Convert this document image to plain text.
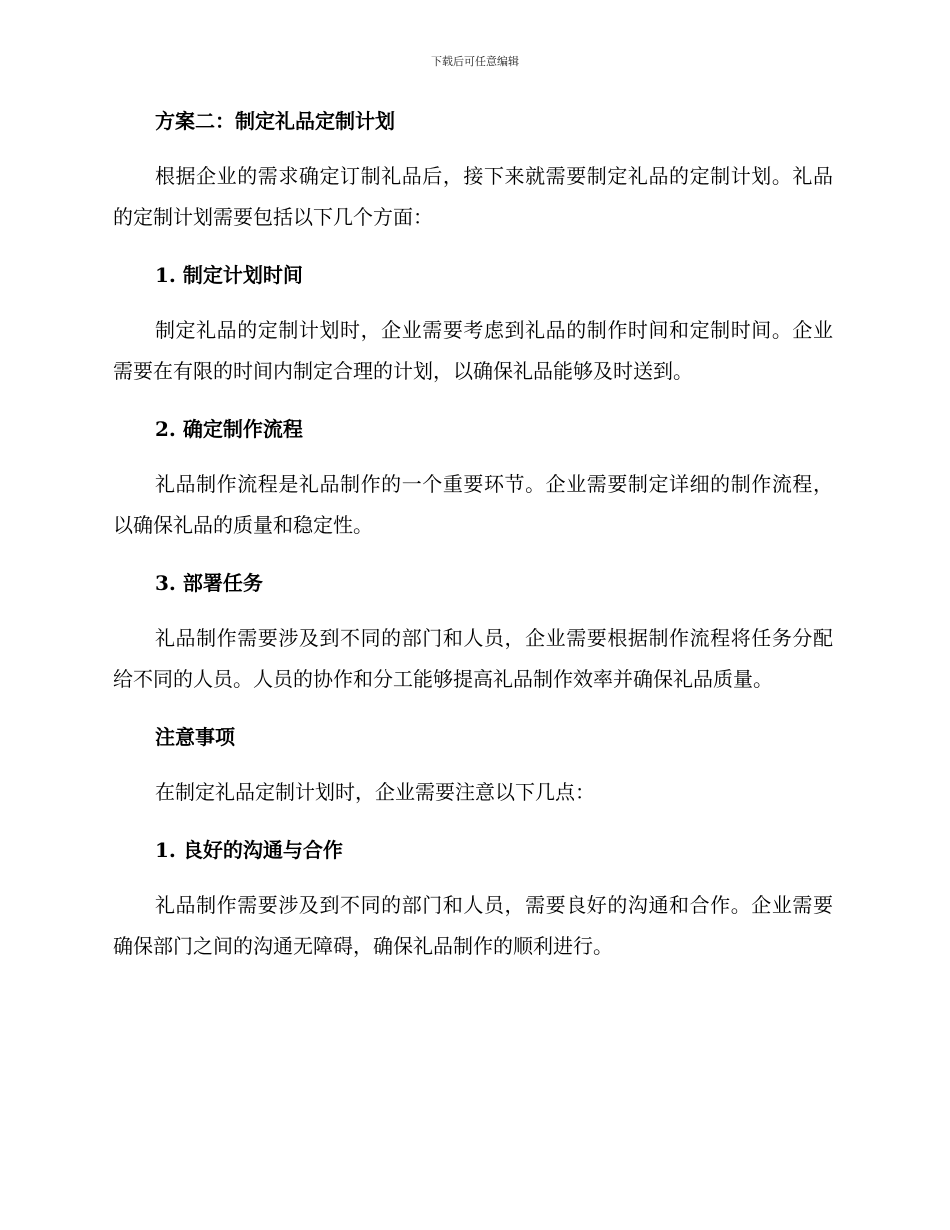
下载后可任意编辑
方案二：制定礼品定制计划
根据企业的需求确定订制礼品后，接下来就需要制定礼品的定制计划。礼品的定制计划需要包括以下几个方面：
1. 制定计划时间
制定礼品的定制计划时，企业需要考虑到礼品的制作时间和定制时间。企业需要在有限的时间内制定合理的计划，以确保礼品能够及时送到。
2. 确定制作流程
礼品制作流程是礼品制作的一个重要环节。企业需要制定详细的制作流程，以确保礼品的质量和稳定性。
3. 部署任务
礼品制作需要涉及到不同的部门和人员，企业需要根据制作流程将任务分配给不同的人员。人员的协作和分工能够提高礼品制作效率并确保礼品质量。
注意事项
在制定礼品定制计划时，企业需要注意以下几点：
1. 良好的沟通与合作
礼品制作需要涉及到不同的部门和人员，需要良好的沟通和合作。企业需要确保部门之间的沟通无障碍，确保礼品制作的顺利进行。
